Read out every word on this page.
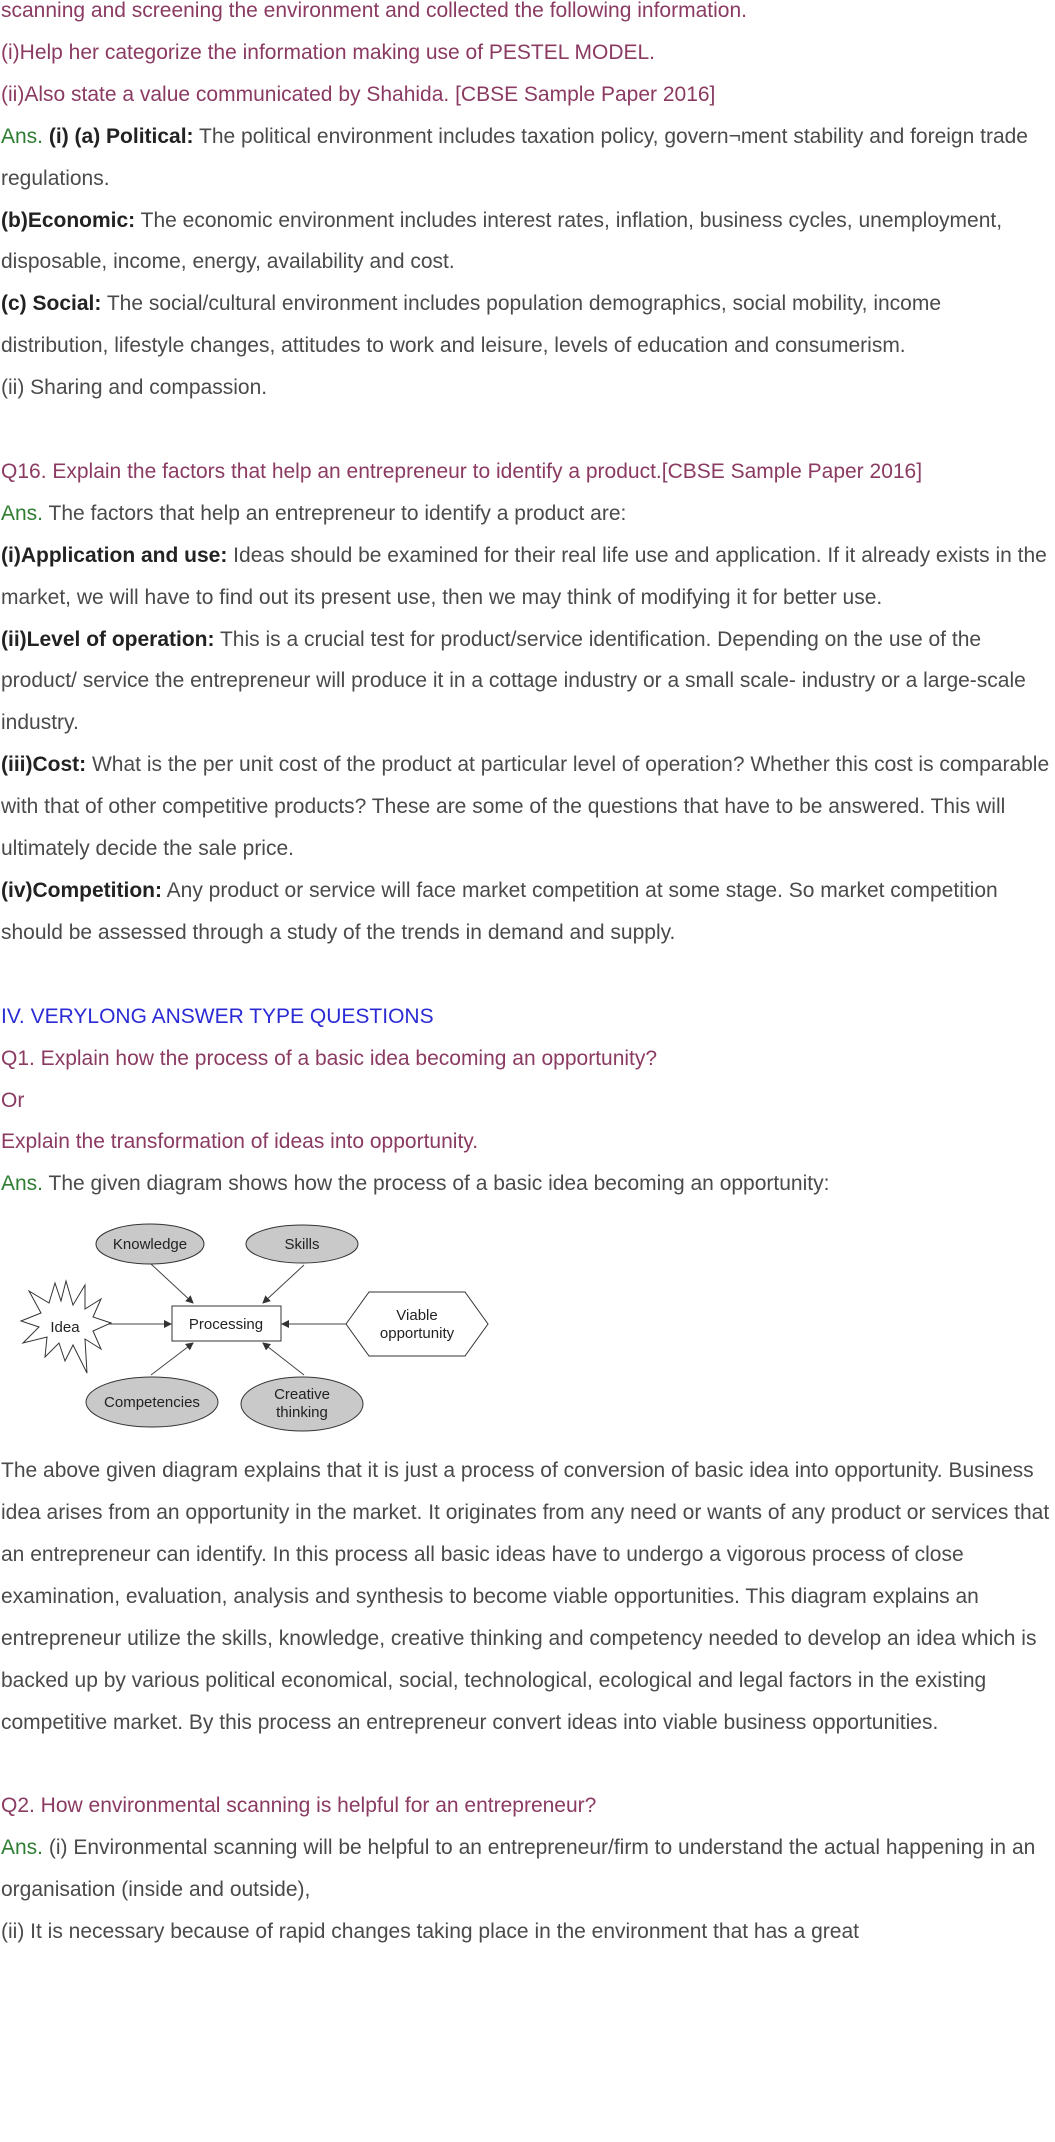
scanning and screening the environment and collected the following information.

(i)Help her categorize the information making use of PESTEL MODEL.

(ii)Also state a value communicated by Shahida. [CBSE Sample Paper 2016]

Ans. (i) (a) Political: The political environment includes taxation policy, govern¬ment stability and foreign trade regulations.

(b)Economic: The economic environment includes interest rates, inflation, business cycles, unemployment, disposable, income, energy, availability and cost.

(c) Social: The social/cultural environment includes population demographics, social mobility, income distribution, lifestyle changes, attitudes to work and leisure, levels of education and consumerism.

(ii) Sharing and compassion.

Q16. Explain the factors that help an entrepreneur to identify a product.[CBSE Sample Paper 2016]

Ans. The factors that help an entrepreneur to identify a product are:

(i)Application and use: Ideas should be examined for their real life use and application. If it already exists in the market, we will have to find out its present use, then we may think of modifying it for better use.

(ii)Level of operation: This is a crucial test for product/service identification. Depending on the use of the product/ service the entrepreneur will produce it in a cottage industry or a small scale- industry or a large-scale industry.

(iii)Cost: What is the per unit cost of the product at particular level of operation? Whether this cost is comparable with that of other competitive products? These are some of the questions that have to be answered. This will ultimately decide the sale price.

(iv)Competition: Any product or service will face market competition at some stage. So market competition should be assessed through a study of the trends in demand and supply.

IV. VERYLONG ANSWER TYPE QUESTIONS

Q1. Explain how the process of a basic idea becoming an opportunity?

Or

Explain the transformation of ideas into opportunity.

Ans. The given diagram shows how the process of a basic idea becoming an opportunity:

Knowledge	Skills
Idea	Processing
Viable
opportunity
Competencies	Creative
thinking

The above given diagram explains that it is just a process of conversion of basic idea into opportunity. Business idea arises from an opportunity in the market. It originates from any need or wants of any product or services that an entrepreneur can identify. In this process all basic ideas have to undergo a vigorous process of close examination, evaluation, analysis and synthesis to become viable opportunities. This diagram explains an entrepreneur utilize the skills, knowledge, creative thinking and competency needed to develop an idea which is backed up by various political economical, social, technological, ecological and legal factors in the existing competitive market. By this process an entrepreneur convert ideas into viable business opportunities.

Q2. How environmental scanning is helpful for an entrepreneur?

Ans. (i) Environmental scanning will be helpful to an entrepreneur/firm to understand the actual happening in an organisation (inside and outside),

(ii) It is necessary because of rapid changes taking place in the environment that has a great
